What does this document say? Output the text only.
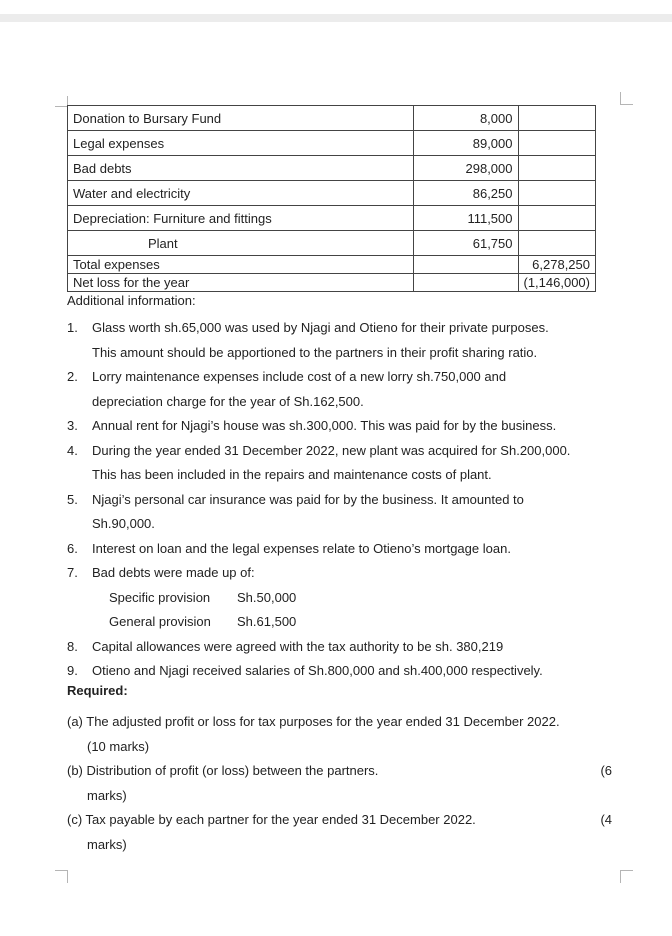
Donation to Bursary Fund	8,000	
Legal expenses	89,000	
Bad debts	298,000	
Water and electricity	86,250	
Depreciation: Furniture and fittings	111,500	
Plant	61,750	
Total expenses		6,278,250
Net loss for the year		(1,146,000)
Additional information:
1. Glass worth sh.65,000 was used by Njagi and Otieno for their private purposes.
This amount should be apportioned to the partners in their profit sharing ratio.
2. Lorry maintenance expenses include cost of a new lorry sh.750,000 and
depreciation charge for the year of Sh.162,500.
3. Annual rent for Njagi’s house was sh.300,000. This was paid for by the business.
4. During the year ended 31 December 2022, new plant was acquired for Sh.200,000.
This has been included in the repairs and maintenance costs of plant.
5. Njagi’s personal car insurance was paid for by the business. It amounted to
Sh.90,000.
6. Interest on loan and the legal expenses relate to Otieno’s mortgage loan.
7. Bad debts were made up of:
Specific provision Sh.50,000
General provision Sh.61,500
8. Capital allowances were agreed with the tax authority to be sh. 380,219
9. Otieno and Njagi received salaries of Sh.800,000 and sh.400,000 respectively.
Required:
(a) The adjusted profit or loss for tax purposes for the year ended 31 December 2022.

(10 marks)
(b) Distribution of profit (or loss) between the partners.	(6

marks)
(c) Tax payable by each partner for the year ended 31 December 2022.	(4

marks)
